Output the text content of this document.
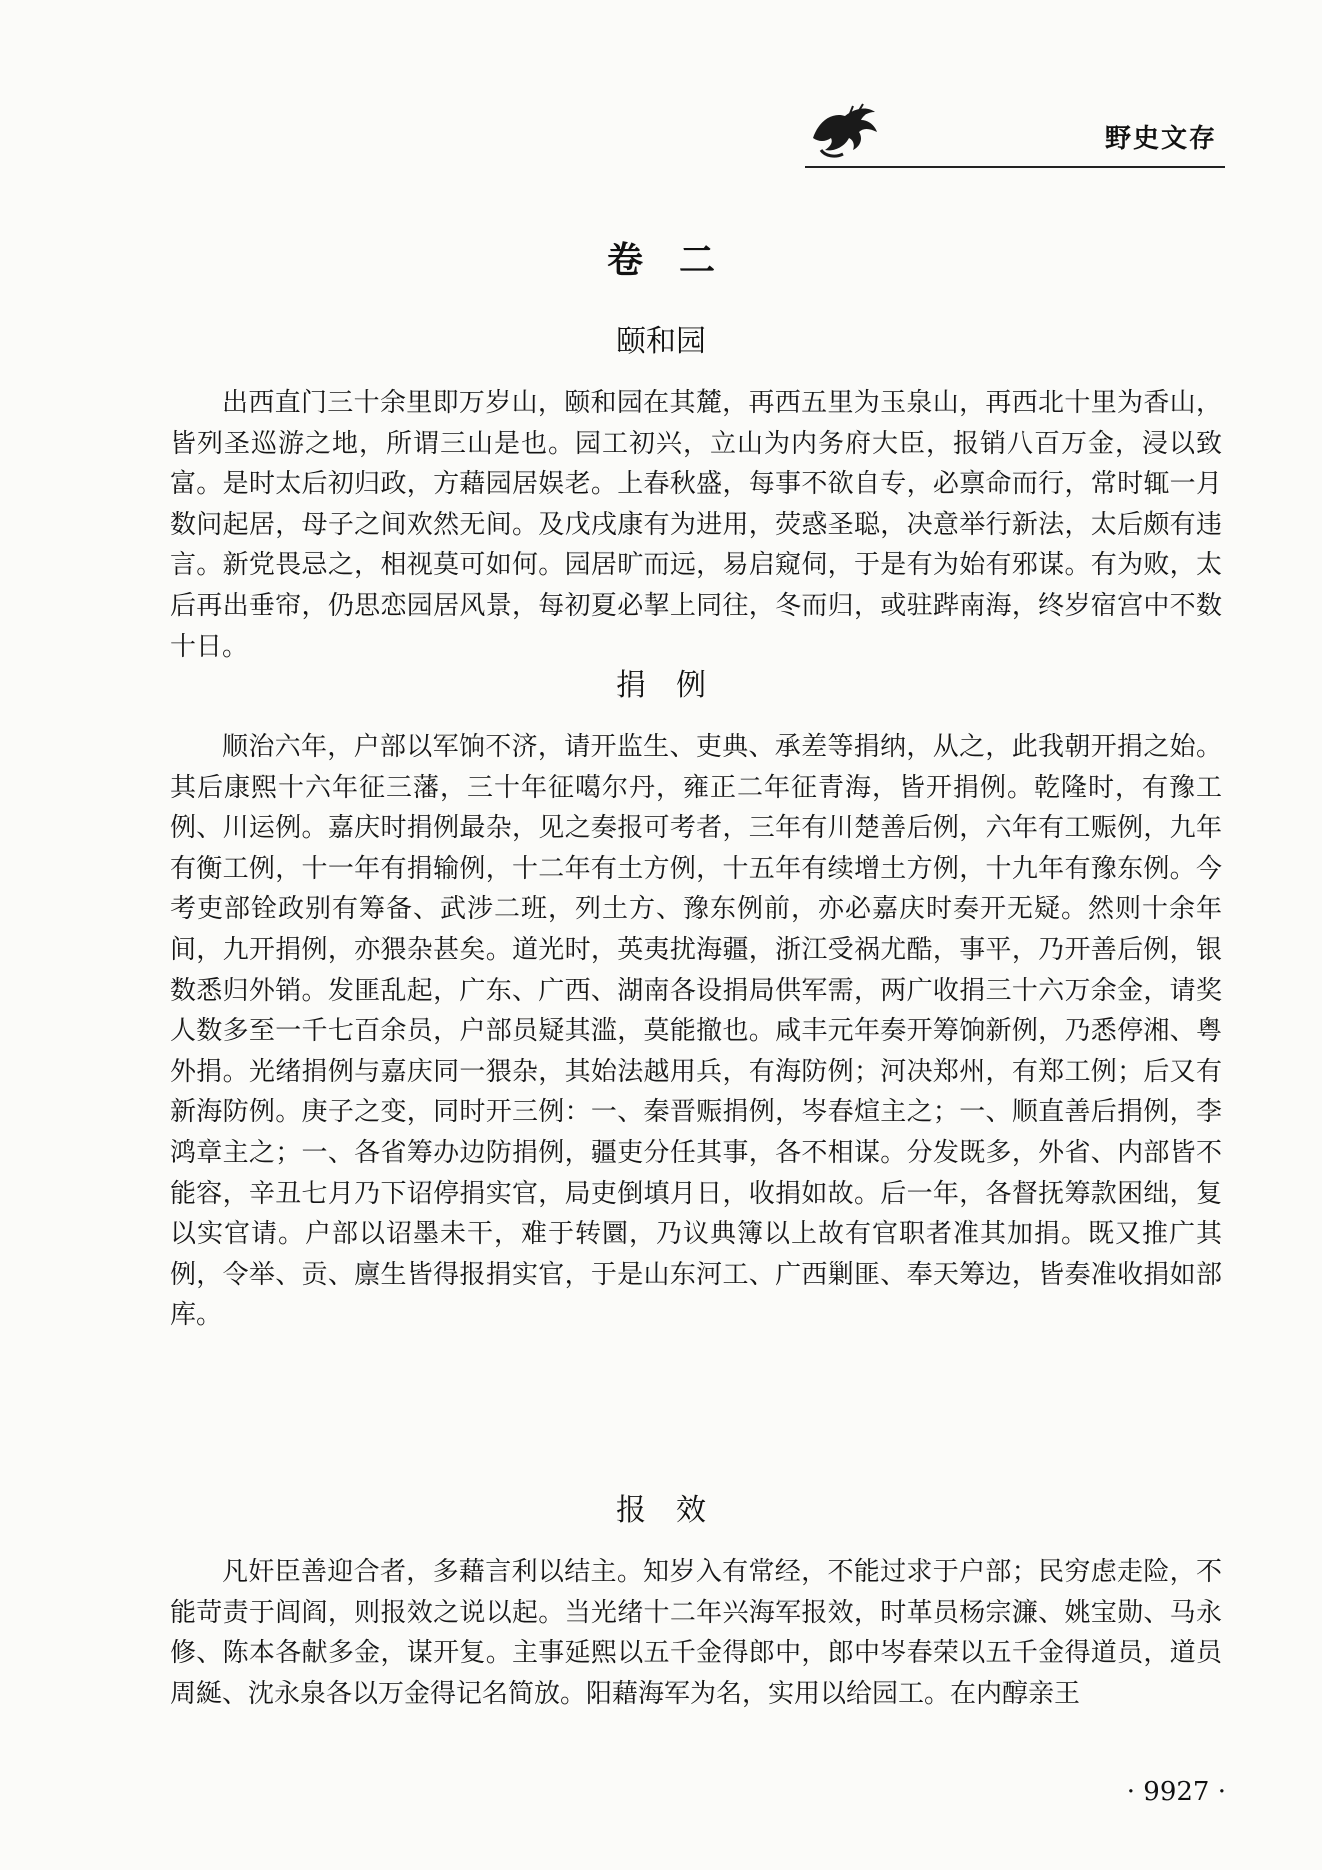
野史文存
卷　二
颐和园

出西直门三十余里即万岁山，颐和园在其麓，再西五里为玉泉山，再西北十里为香山，皆列圣巡游之地，所谓三山是也。园工初兴，立山为内务府大臣，报销八百万金，浸以致富。是时太后初归政，方藉园居娱老。上春秋盛，每事不欲自专，必禀命而行，常时辄一月数问起居，母子之间欢然无间。及戊戌康有为进用，荧惑圣聪，决意举行新法，太后颇有违言。新党畏忌之，相视莫可如何。园居旷而远，易启窥伺，于是有为始有邪谋。有为败，太后再出垂帘，仍思恋园居风景，每初夏必挈上同往，冬而归，或驻跸南海，终岁宿宫中不数十日。

捐　例

顺治六年，户部以军饷不济，请开监生、吏典、承差等捐纳，从之，此我朝开捐之始。其后康熙十六年征三藩，三十年征噶尔丹，雍正二年征青海，皆开捐例。乾隆时，有豫工例、川运例。嘉庆时捐例最杂，见之奏报可考者，三年有川楚善后例，六年有工赈例，九年有衡工例，十一年有捐输例，十二年有土方例，十五年有续增土方例，十九年有豫东例。今考吏部铨政别有筹备、武涉二班，列土方、豫东例前，亦必嘉庆时奏开无疑。然则十余年间，九开捐例，亦猥杂甚矣。道光时，英夷扰海疆，浙江受祸尤酷，事平，乃开善后例，银数悉归外销。发匪乱起，广东、广西、湖南各设捐局供军需，两广收捐三十六万余金，请奖人数多至一千七百余员，户部员疑其滥，莫能撤也。咸丰元年奏开筹饷新例，乃悉停湘、粤外捐。光绪捐例与嘉庆同一猥杂，其始法越用兵，有海防例；河决郑州，有郑工例；后又有新海防例。庚子之变，同时开三例：一、秦晋赈捐例，岑春煊主之；一、顺直善后捐例，李鸿章主之；一、各省筹办边防捐例，疆吏分任其事，各不相谋。分发既多，外省、内部皆不能容，辛丑七月乃下诏停捐实官，局吏倒填月日，收捐如故。后一年，各督抚筹款困绌，复以实官请。户部以诏墨未干，难于转圜，乃议典簿以上故有官职者准其加捐。既又推广其例，令举、贡、廪生皆得报捐实官，于是山东河工、广西剿匪、奉天筹边，皆奏准收捐如部库。

报　效

凡奸臣善迎合者，多藉言利以结主。知岁入有常经，不能过求于户部；民穷虑走险，不能苛责于闾阎，则报效之说以起。当光绪十二年兴海军报效，时革员杨宗濂、姚宝勋、马永修、陈本各献多金，谋开复。主事延熙以五千金得郎中，郎中岑春荣以五千金得道员，道员周綖、沈永泉各以万金得记名简放。阳藉海军为名，实用以给园工。在内醇亲王

· 9927 ·
